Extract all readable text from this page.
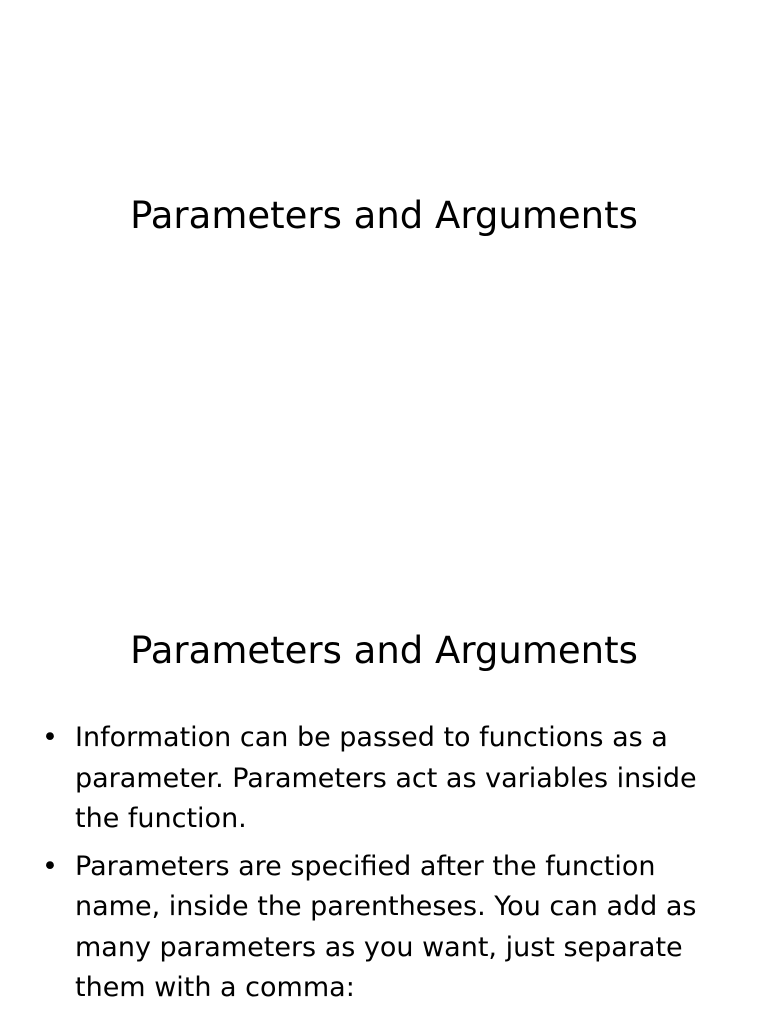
Parameters and Arguments
Parameters and Arguments
• Information can be passed to functions as a parameter. Parameters act as variables inside the function.
• Parameters are specified after the function name, inside the parentheses. You can add as many parameters as you want, just separate them with a comma:
